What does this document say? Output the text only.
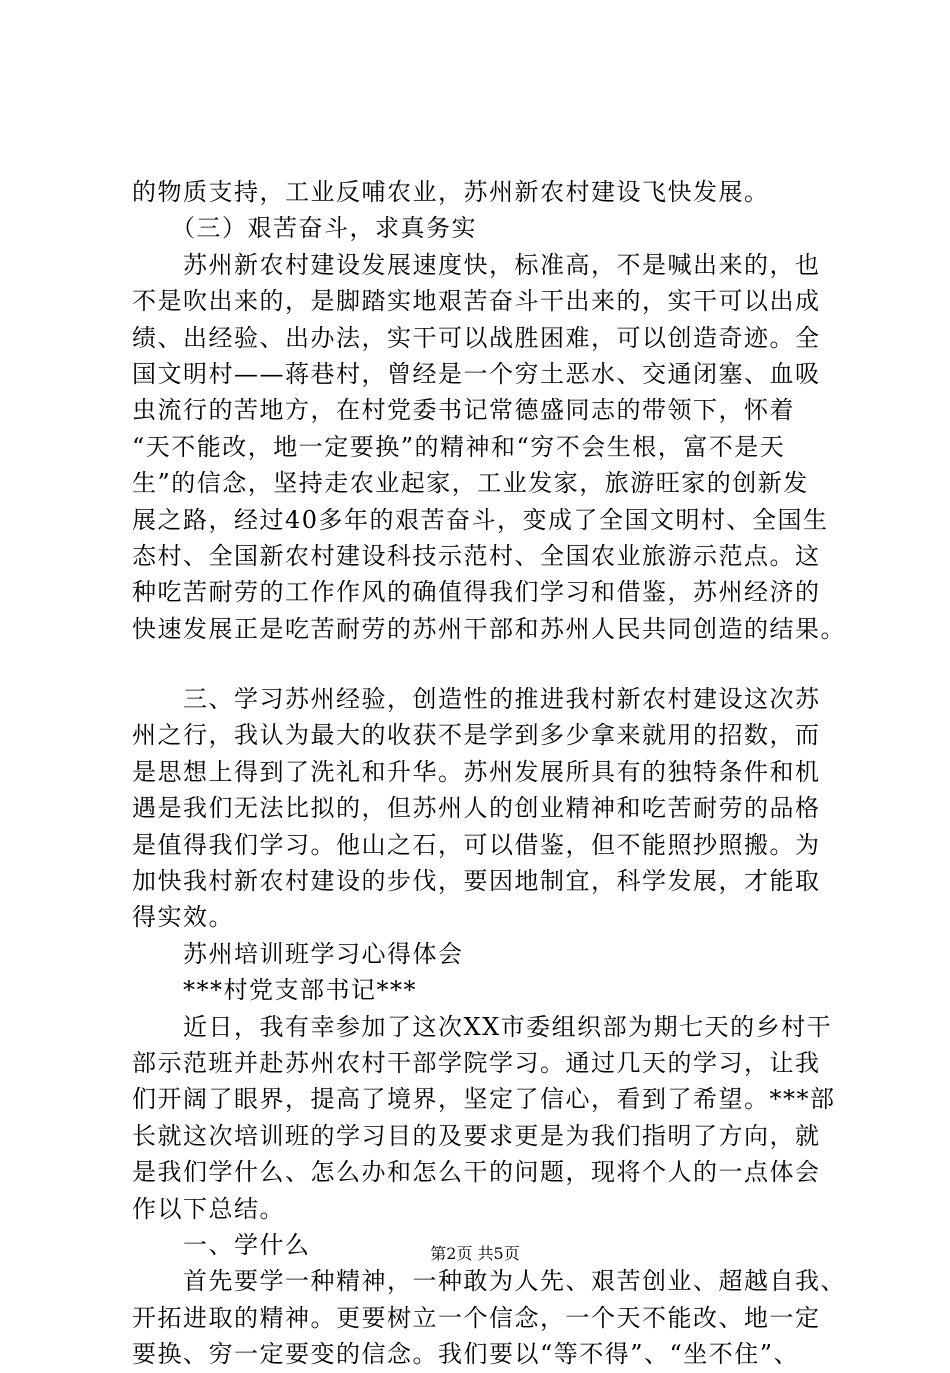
的物质支持，工业反哺农业，苏州新农村建设飞快发展。
　　（三）艰苦奋斗，求真务实
　　苏州新农村建设发展速度快，标准高，不是喊出来的，也
不是吹出来的，是脚踏实地艰苦奋斗干出来的，实干可以出成
绩、出经验、出办法，实干可以战胜困难，可以创造奇迹。全
国文明村——蒋巷村，曾经是一个穷土恶水、交通闭塞、血吸
虫流行的苦地方，在村党委书记常德盛同志的带领下，怀着
“天不能改，地一定要换”的精神和“穷不会生根，富不是天
生”的信念，坚持走农业起家，工业发家，旅游旺家的创新发
展之路，经过40多年的艰苦奋斗，变成了全国文明村、全国生
态村、全国新农村建设科技示范村、全国农业旅游示范点。这
种吃苦耐劳的工作作风的确值得我们学习和借鉴，苏州经济的
快速发展正是吃苦耐劳的苏州干部和苏州人民共同创造的结果。
　　三、学习苏州经验，创造性的推进我村新农村建设这次苏
州之行，我认为最大的收获不是学到多少拿来就用的招数，而
是思想上得到了洗礼和升华。苏州发展所具有的独特条件和机
遇是我们无法比拟的，但苏州人的创业精神和吃苦耐劳的品格
是值得我们学习。他山之石，可以借鉴，但不能照抄照搬。为
加快我村新农村建设的步伐，要因地制宜，科学发展，才能取
得实效。
　　苏州培训班学习心得体会
　　***村党支部书记***
　　近日，我有幸参加了这次XX市委组织部为期七天的乡村干
部示范班并赴苏州农村干部学院学习。通过几天的学习，让我
们开阔了眼界，提高了境界，坚定了信心，看到了希望。***部
长就这次培训班的学习目的及要求更是为我们指明了方向，就
是我们学什么、怎么办和怎么干的问题，现将个人的一点体会
作以下总结。
　　一、学什么
　　首先要学一种精神，一种敢为人先、艰苦创业、超越自我、
开拓进取的精神。更要树立一个信念，一个天不能改、地一定
要换、穷一定要变的信念。我们要以“等不得”、“坐不住”、
第2页 共5页
